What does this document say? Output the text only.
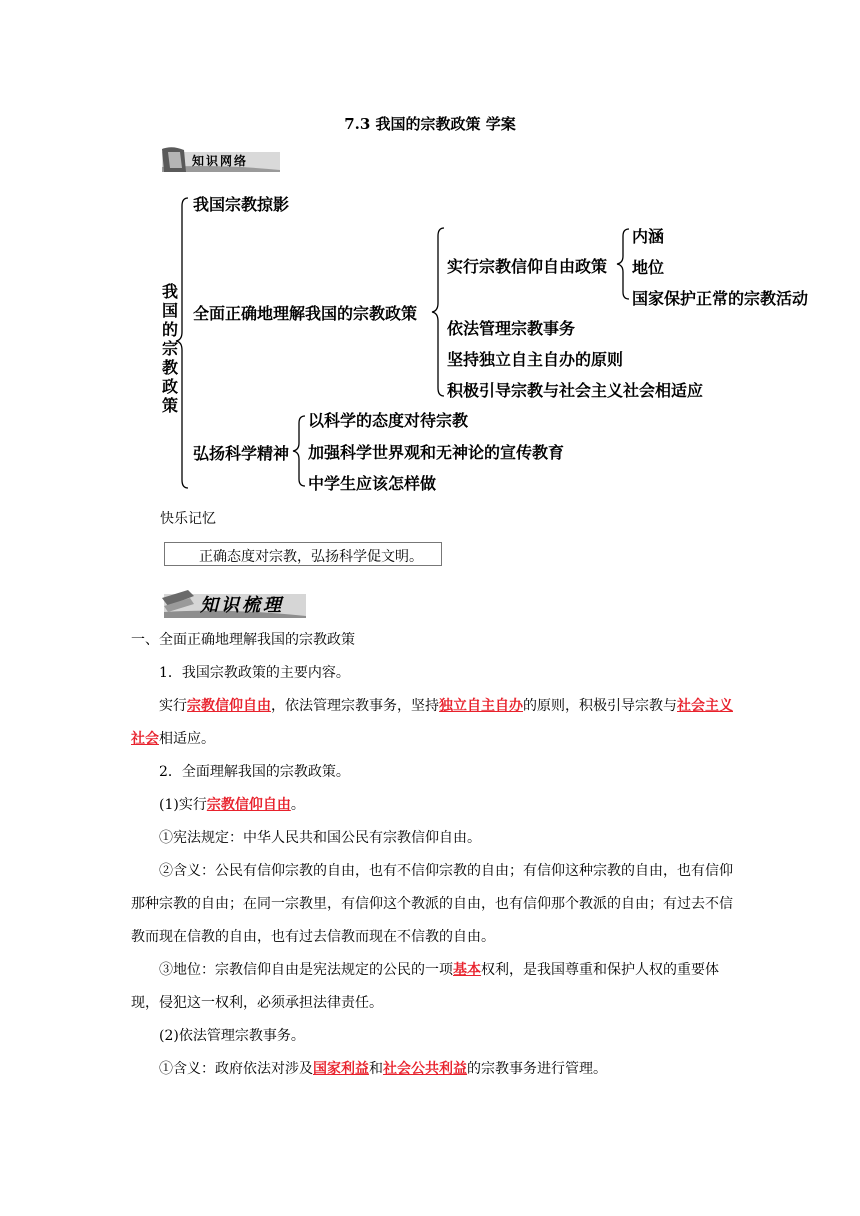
7.3 我国的宗教政策 学案
知识网络
我
国
的
宗
教
政
策
我国宗教掠影
全面正确地理解我国的宗教政策
弘扬科学精神
实行宗教信仰自由政策
依法管理宗教事务
坚持独立自主自办的原则
积极引导宗教与社会主义社会相适应
内涵
地位
国家保护正常的宗教活动
以科学的态度对待宗教
加强科学世界观和无神论的宣传教育
中学生应该怎样做
快乐记忆
正确态度对宗教，弘扬科学促文明。
知识梳理

一、全面正确地理解我国的宗教政策

1．我国宗教政策的主要内容。

实行宗教信仰自由，依法管理宗教事务，坚持独立自主自办的原则，积极引导宗教与社会主义社会相适应。

2．全面理解我国的宗教政策。

(1)实行宗教信仰自由。

①宪法规定：中华人民共和国公民有宗教信仰自由。

②含义：公民有信仰宗教的自由，也有不信仰宗教的自由；有信仰这种宗教的自由，也有信仰那种宗教的自由；在同一宗教里，有信仰这个教派的自由，也有信仰那个教派的自由；有过去不信教而现在信教的自由，也有过去信教而现在不信教的自由。

③地位：宗教信仰自由是宪法规定的公民的一项基本权利，是我国尊重和保护人权的重要体现，侵犯这一权利，必须承担法律责任。

(2)依法管理宗教事务。

①含义：政府依法对涉及国家利益和社会公共利益的宗教事务进行管理。
